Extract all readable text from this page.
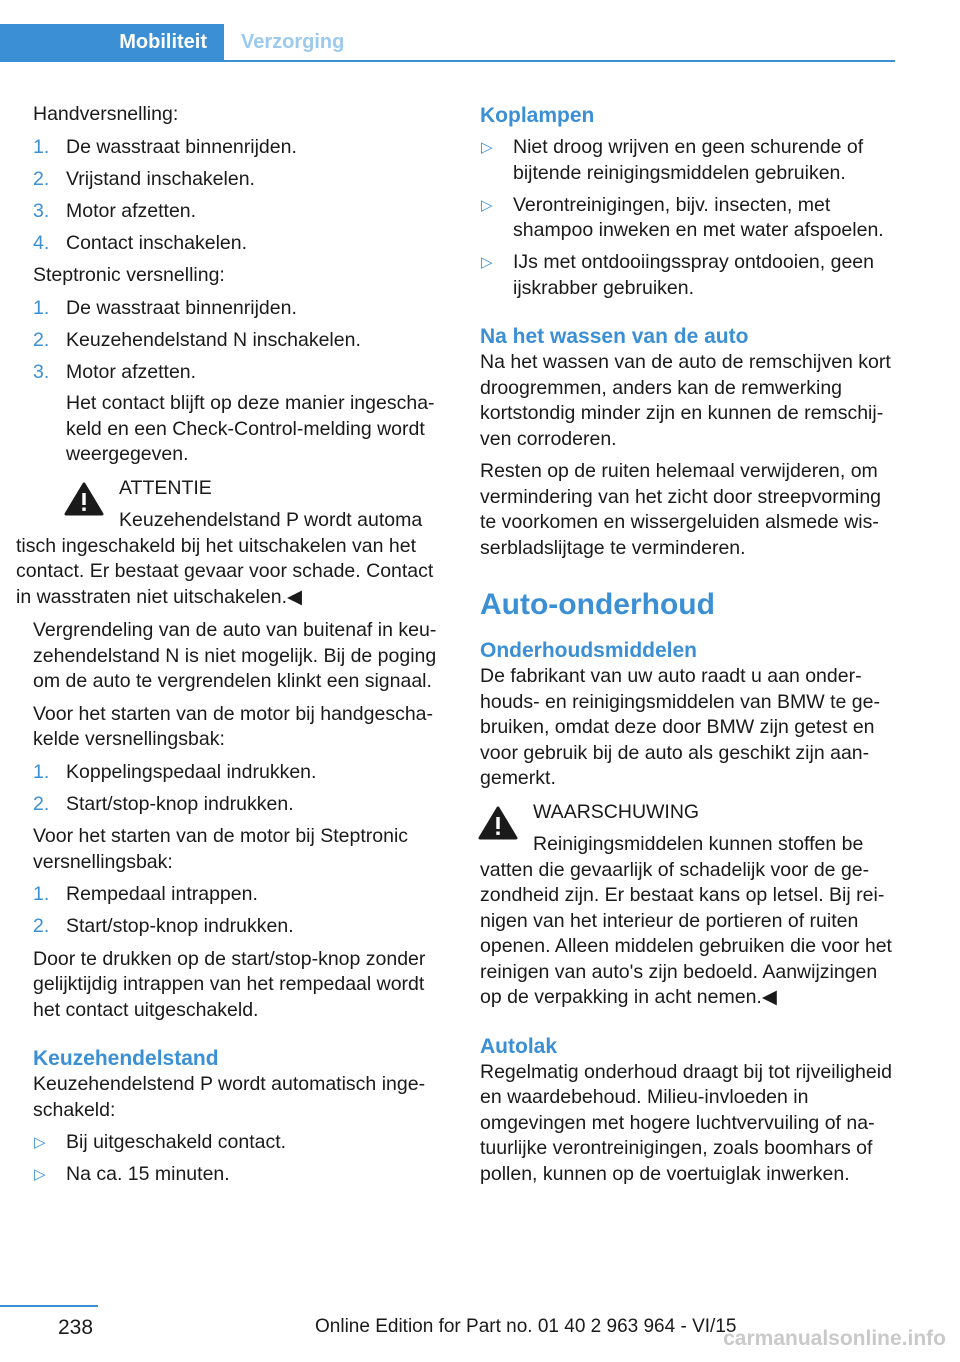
Mobiliteit	Verzorging

Handversnelling:

1. De wasstraat binnenrijden.
2. Vrijstand inschakelen.
3. Motor afzetten.
4. Contact inschakelen.

Steptronic versnelling:

1. De wasstraat binnenrijden.
2. Keuzehendelstand N inschakelen.
3. Motor afzetten.
Het contact blijft op deze manier ingeschakeld en een Check-Control-melding wordt weergegeven.
ATTENTIE
Keuzehendelstand P wordt automa
tisch ingeschakeld bij het uitschakelen van het contact. Er bestaat gevaar voor schade. Contact in wasstraten niet uitschakelen.◀

Vergrendeling van de auto van buitenaf in keuzehendelstand N is niet mogelijk. Bij de poging om de auto te vergrendelen klinkt een signaal.

Voor het starten van de motor bij handgeschakelde versnellingsbak:

1. Koppelingspedaal indrukken.
2. Start/stop-knop indrukken.

Voor het starten van de motor bij Steptronic versnellingsbak:

1. Rempedaal intrappen.
2. Start/stop-knop indrukken.

Door te drukken op de start/stop-knop zonder gelijktijdig intrappen van het rempedaal wordt het contact uitgeschakeld.

Keuzehendelstand

Keuzehendelstend P wordt automatisch ingeschakeld:

▷ Bij uitgeschakeld contact.
▷ Na ca. 15 minuten.
Koplampen
▷ Niet droog wrijven en geen schurende of bijtende reinigingsmiddelen gebruiken.
▷ Verontreinigingen, bijv. insecten, met shampoo inweken en met water afspoelen.
▷ IJs met ontdooiingsspray ontdooien, geen ijskrabber gebruiken.
Na het wassen van de auto

Na het wassen van de auto de remschijven kort droogremmen, anders kan de remwerking kortstondig minder zijn en kunnen de remschijven corroderen.

Resten op de ruiten helemaal verwijderen, om vermindering van het zicht door streepvorming te voorkomen en wissergeluiden alsmede wisserbladslijtage te verminderen.

Auto-onderhoud
Onderhoudsmiddelen

De fabrikant van uw auto raadt u aan onderhouds- en reinigingsmiddelen van BMW te gebruiken, omdat deze door BMW zijn getest en voor gebruik bij de auto als geschikt zijn aangemerkt.

WAARSCHUWING
Reinigingsmiddelen kunnen stoffen be
vatten die gevaarlijk of schadelijk voor de gezondheid zijn. Er bestaat kans op letsel. Bij reinigen van het interieur de portieren of ruiten openen. Alleen middelen gebruiken die voor het reinigen van auto's zijn bedoeld. Aanwijzingen op de verpakking in acht nemen.◀
Autolak

Regelmatig onderhoud draagt bij tot rijveiligheid en waardebehoud. Milieu-invloeden in omgevingen met hogere luchtvervuiling of natuurlijke verontreinigingen, zoals boomhars of pollen, kunnen op de voertuiglak inwerken.

238	Online Edition for Part no. 01 40 2 963 964 - VI/15
carmanualsonline.info
